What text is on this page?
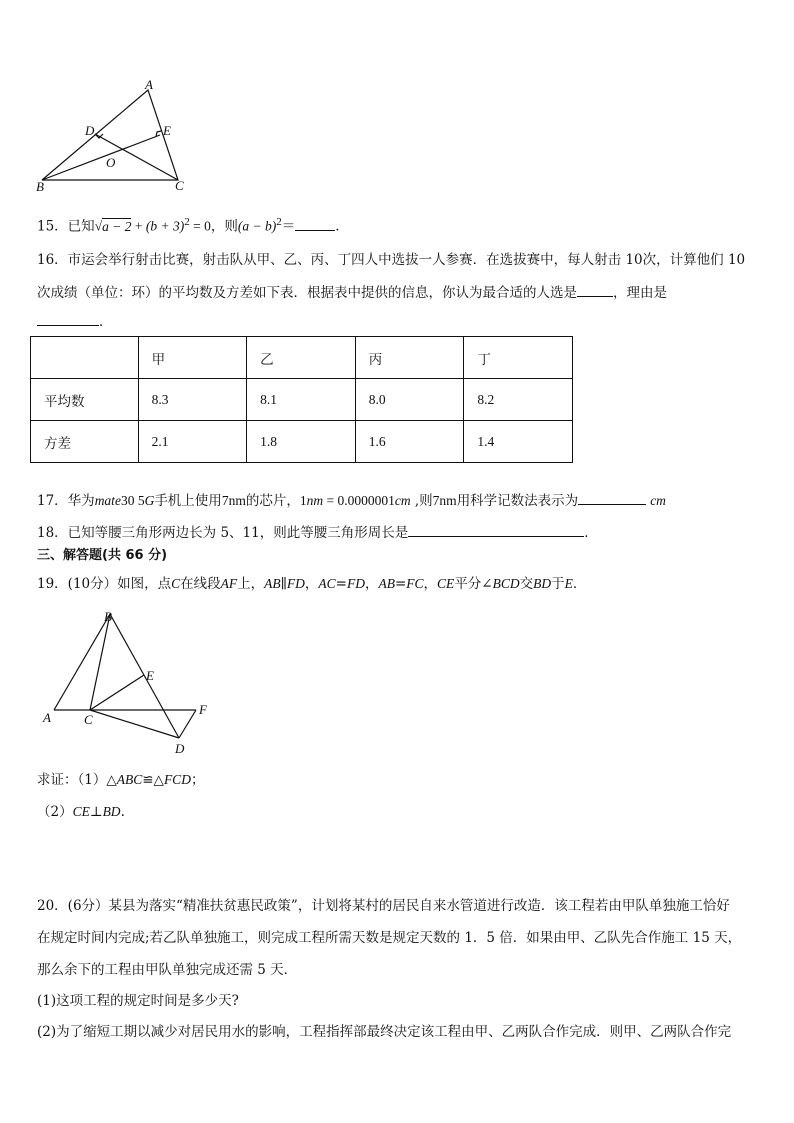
A
B	C
D	E
O
15．已知$√a - 2 + (b + 3)^2 = 0$，则$(a - b)^2=$	.
16．市运会举行射击比赛，射击队从甲、乙、丙、丁四人中选拔一人参赛．在选拔赛中，每人射击 10次，计算他们 10
次成绩（单位：环）的平均数及方差如下表．根据表中提供的信息，你认为最合适的人选是	，理由是
．
	甲	乙	丙	丁
平均数	8.3	8.1	8.0	8.2
方差	2.1	1.8	1.6	1.4
17．华为mate30 5G手机上使用7nm的芯片，1nm = 0.0000001cm ,则7nm用科学记数法表示为	cm
18．已知等腰三角形两边长为 5、11，则此等腰三角形周长是	．
三、解答题(共 66 分)
19．(10分）如图，点C在线段AF上，AB∥FD，AC=FD，AB=FC，CE平分∠BCD交BD于E．
B
E
A	C
F
D
求证：（1）△ABC≌△FCD；
（2）CE⊥BD.
20．(6分）某县为落实“精准扶贫惠民政策”，计划将某村的居民自来水管道进行改造．该工程若由甲队单独施工恰好
在规定时间内完成;若乙队单独施工，则完成工程所需天数是规定天数的 1．5 倍．如果由甲、乙队先合作施工 15 天，
那么余下的工程由甲队单独完成还需 5 天．
(1)这项工程的规定时间是多少天?
(2)为了缩短工期以减少对居民用水的影响，工程指挥部最终决定该工程由甲、乙两队合作完成．则甲、乙两队合作完
